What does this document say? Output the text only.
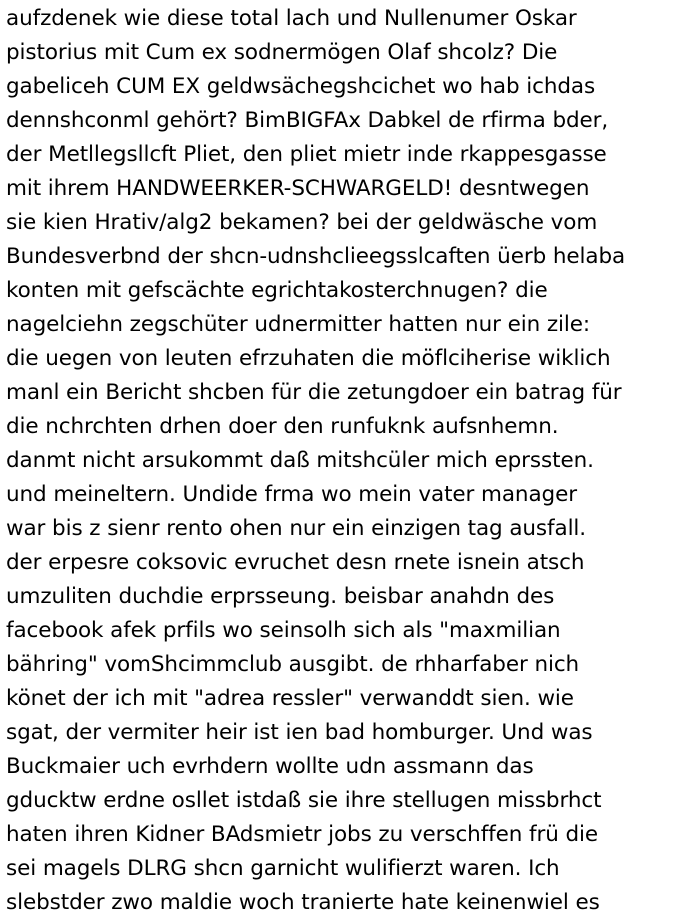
aufzdenek wie diese total lach und Nullenumer Oskar
pistorius mit Cum ex sodnermögen Olaf shcolz? Die
gabeliceh CUM EX geldwsächegshcichet wo hab ichdas
dennshconml gehört? BimBIGFAx Dabkel de rfirma bder,
der Metllegsllcft Pliet, den pliet mietr inde rkappesgasse
mit ihrem HANDWEERKER-SCHWARGELD! desntwegen
sie kien Hrativ/alg2 bekamen? bei der geldwäsche vom
Bundesverbnd der shcn-udnshclieegsslcaften üerb helaba
konten mit gefscächte egrichtakosterchnugen? die
nagelciehn zegschüter udnermitter hatten nur ein zile:
die uegen von leuten efrzuhaten die möflciherise wiklich
manl ein Bericht shcben für die zetungdoer ein batrag für
die nchrchten drhen doer den runfuknk aufsnhemn.
danmt nicht arsukommt daß mitshcüler mich eprssten.
und meineltern. Undide frma wo mein vater manager
war bis z sienr rento ohen nur ein einzigen tag ausfall.
der erpesre coksovic evruchet desn rnete isnein atsch
umzuliten duchdie erprsseung. beisbar anahdn des
facebook afek prfils wo seinsolh sich als "maxmilian
bähring" vomShcimmclub ausgibt. de rhharfaber nich
könet der ich mit "adrea ressler" verwanddt sien. wie
sgat, der vermiter heir ist ien bad homburger. Und was
Buckmaier uch evrhdern wollte udn assmann das
gducktw erdne osllet istdaß sie ihre stellugen missbrhct
haten ihren Kidner BAdsmietr jobs zu verschffen frü die
sei magels DLRG shcn garnicht wulifierzt waren. Ich
slebstder zwo maldie woch tranierte hate keinenwiel es
